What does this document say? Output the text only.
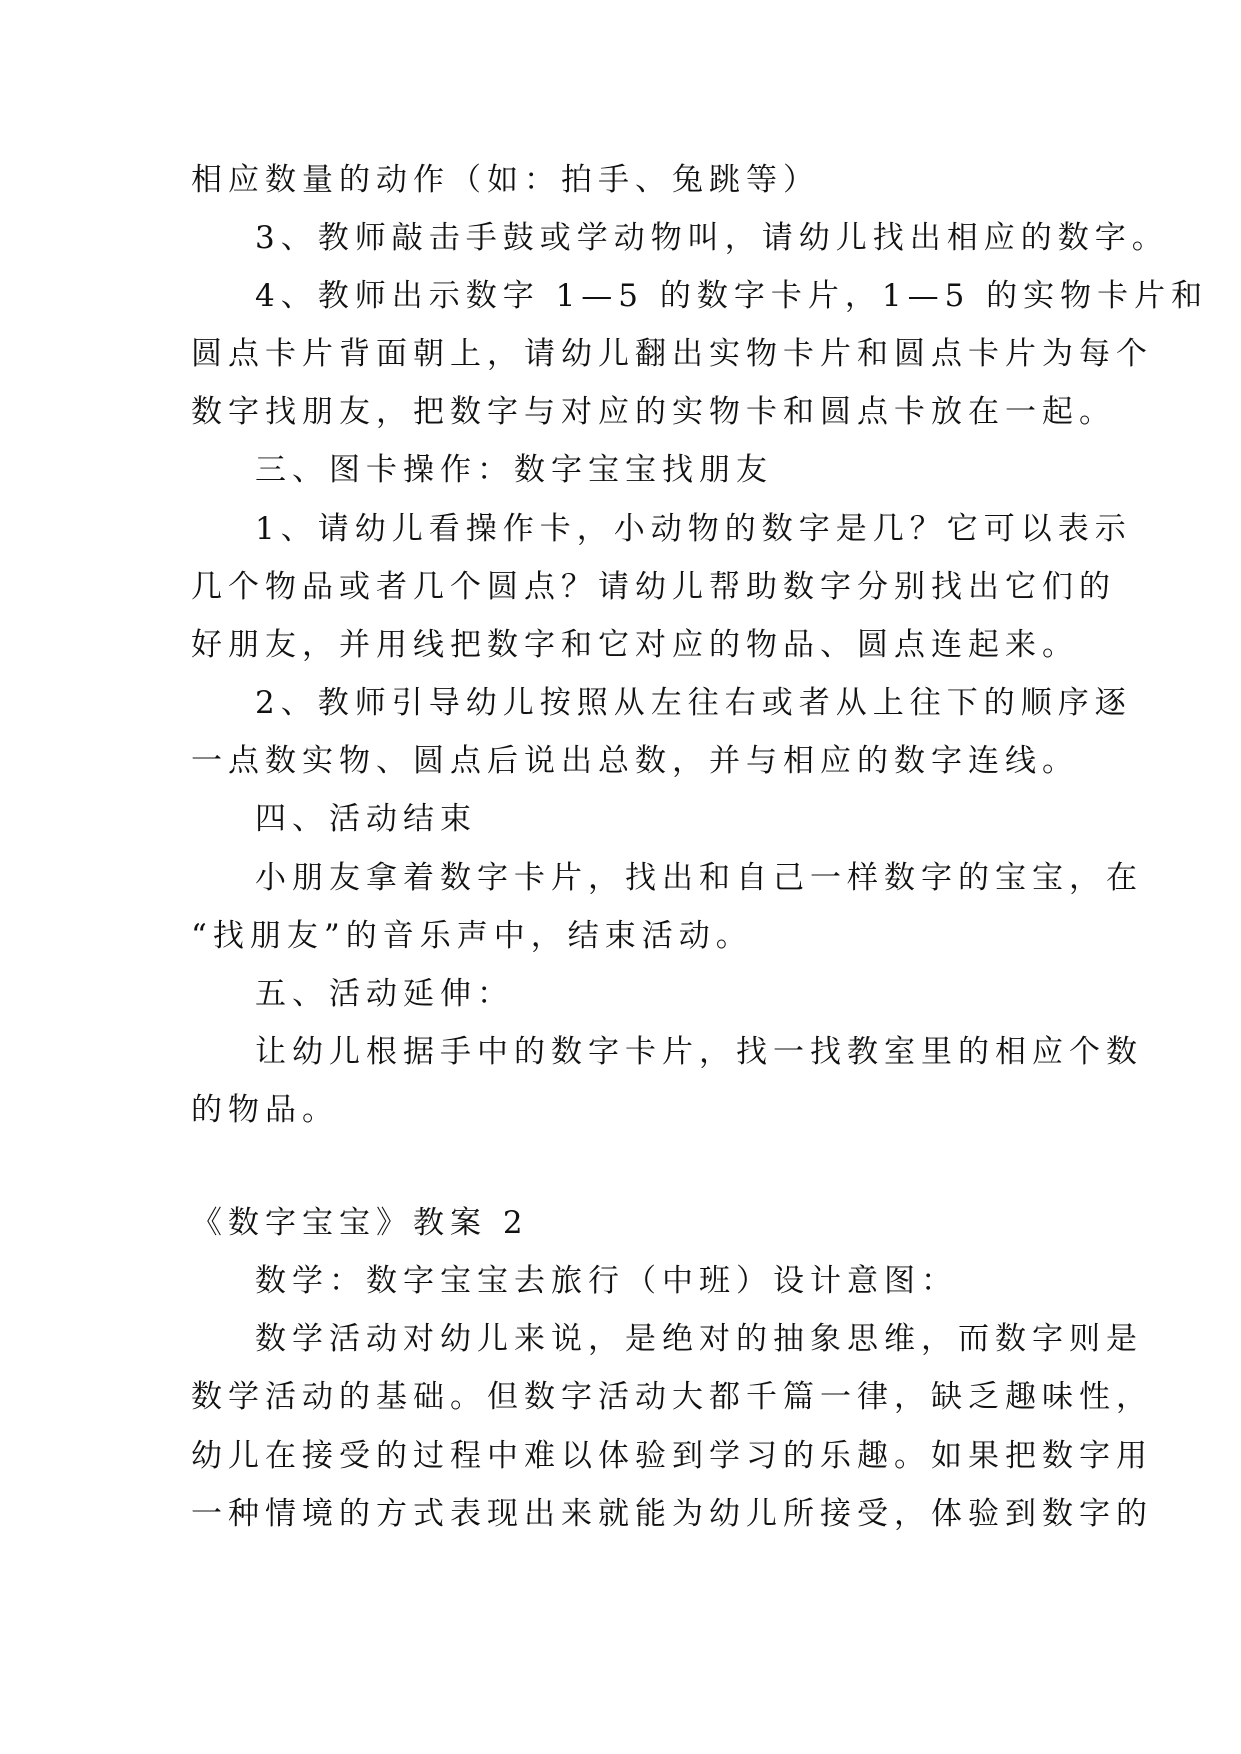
相应数量的动作（如：拍手、兔跳等）
3、教师敲击手鼓或学动物叫，请幼儿找出相应的数字。
4、教师出示数字 1—5 的数字卡片，1—5 的实物卡片和
圆点卡片背面朝上，请幼儿翻出实物卡片和圆点卡片为每个
数字找朋友，把数字与对应的实物卡和圆点卡放在一起。
三、图卡操作：数字宝宝找朋友
1、请幼儿看操作卡，小动物的数字是几？它可以表示
几个物品或者几个圆点？请幼儿帮助数字分别找出它们的
好朋友，并用线把数字和它对应的物品、圆点连起来。
2、教师引导幼儿按照从左往右或者从上往下的顺序逐
一点数实物、圆点后说出总数，并与相应的数字连线。
四、活动结束
小朋友拿着数字卡片，找出和自己一样数字的宝宝，在
“找朋友”的音乐声中，结束活动。
五、活动延伸：
让幼儿根据手中的数字卡片，找一找教室里的相应个数
的物品。
《数字宝宝》教案 2
数学：数字宝宝去旅行（中班）设计意图：
数学活动对幼儿来说，是绝对的抽象思维，而数字则是
数学活动的基础。但数字活动大都千篇一律，缺乏趣味性，
幼儿在接受的过程中难以体验到学习的乐趣。如果把数字用
一种情境的方式表现出来就能为幼儿所接受，体验到数字的
